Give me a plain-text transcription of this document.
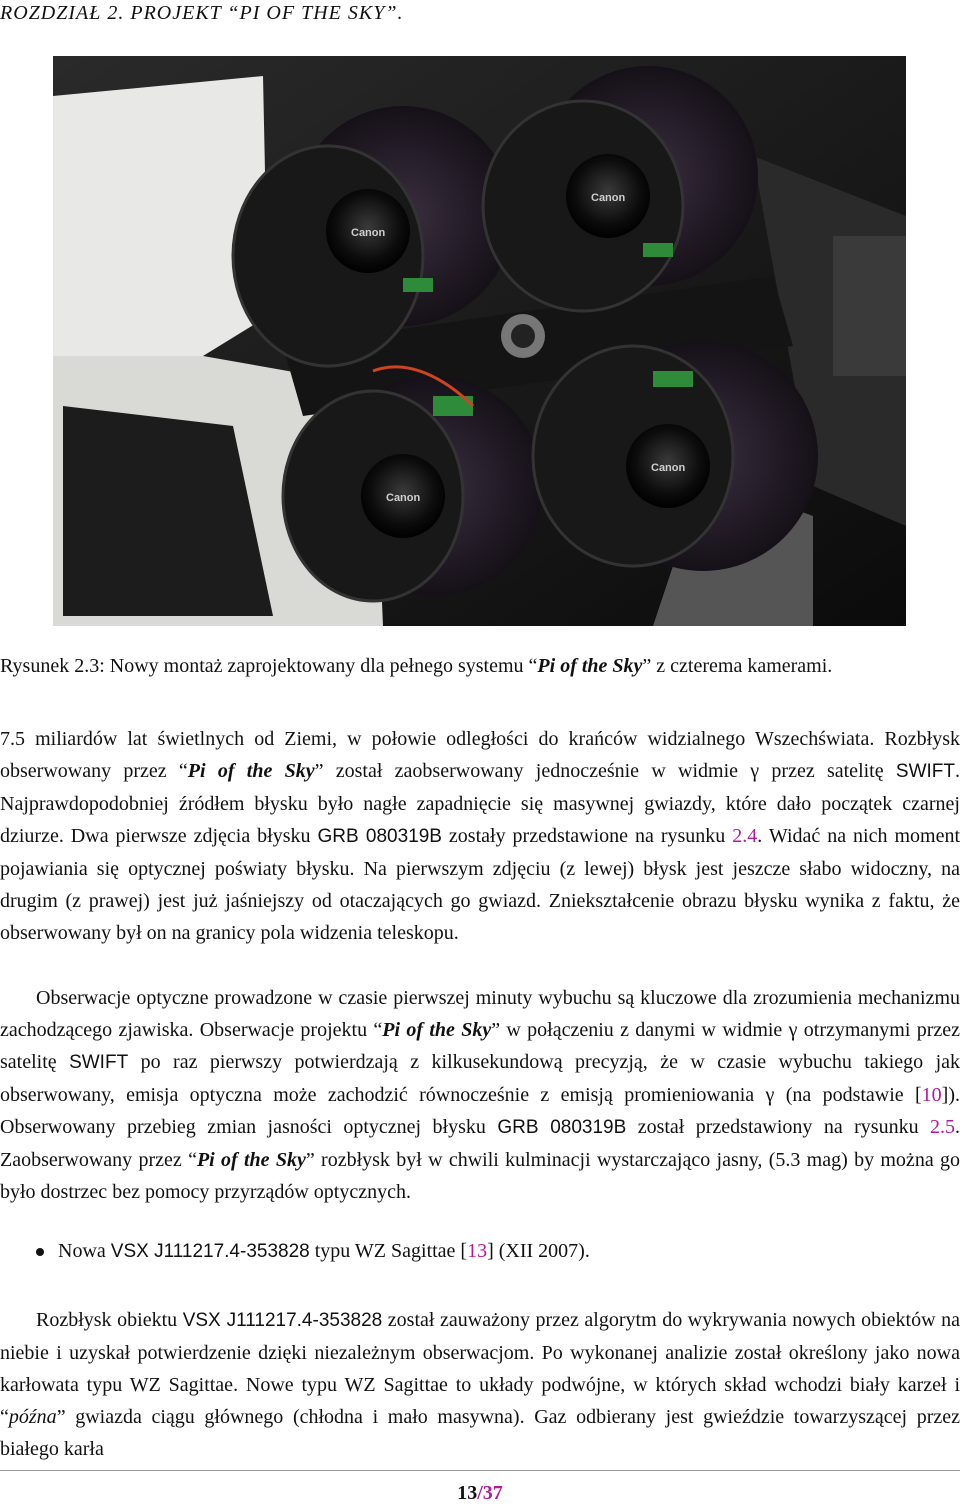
ROZDZIAŁ 2. PROJEKT “PI OF THE SKY”.
Canon
Canon
Canon
Canon
Rysunek 2.3: Nowy montaż zaprojektowany dla pełnego systemu “Pi of the Sky” z czterema kamerami.

7.5 miliardów lat świetlnych od Ziemi, w połowie odległości do krańców widzialnego Wszechświata. Rozbłysk obserwowany przez “Pi of the Sky” został zaobserwowany jednocześnie w widmie γ przez satelitę SWIFT. Najprawdopodobniej źródłem błysku było nagłe zapadnięcie się masywnej gwiazdy, które dało początek czarnej dziurze. Dwa pierwsze zdjęcia błysku GRB 080319B zostały przedstawione na rysunku 2.4. Widać na nich moment pojawiania się optycznej poświaty błysku. Na pierwszym zdjęciu (z lewej) błysk jest jeszcze słabo widoczny, na drugim (z prawej) jest już jaśniejszy od otaczających go gwiazd. Zniekształcenie obrazu błysku wynika z faktu, że obserwowany był on na granicy pola widzenia teleskopu.

Obserwacje optyczne prowadzone w czasie pierwszej minuty wybuchu są kluczowe dla zrozumienia mechanizmu zachodzącego zjawiska. Obserwacje projektu “Pi of the Sky” w połączeniu z danymi w widmie γ otrzymanymi przez satelitę SWIFT po raz pierwszy potwierdzają z kilkusekundową precyzją, że w czasie wybuchu takiego jak obserwowany, emisja optyczna może zachodzić równocześnie z emisją promieniowania γ (na podstawie [10]). Obserwowany przebieg zmian jasności optycznej błysku GRB 080319B został przedstawiony na rysunku 2.5. Zaobserwowany przez “Pi of the Sky” rozbłysk był w chwili kulminacji wystarczająco jasny, (5.3 mag) by można go było dostrzec bez pomocy przyrządów optycznych.

Nowa VSX J111217.4-353828 typu WZ Sagittae [13] (XII 2007).

Rozbłysk obiektu VSX J111217.4-353828 został zauważony przez algorytm do wykrywania nowych obiektów na niebie i uzyskał potwierdzenie dzięki niezależnym obserwacjom. Po wykonanej analizie został określony jako nowa karłowata typu WZ Sagittae. Nowe typu WZ Sagittae to układy podwójne, w których skład wchodzi biały karzeł i “późna” gwiazda ciągu głównego (chłodna i mało masywna). Gaz odbierany jest gwieździe towarzyszącej przez białego karła

13/37
